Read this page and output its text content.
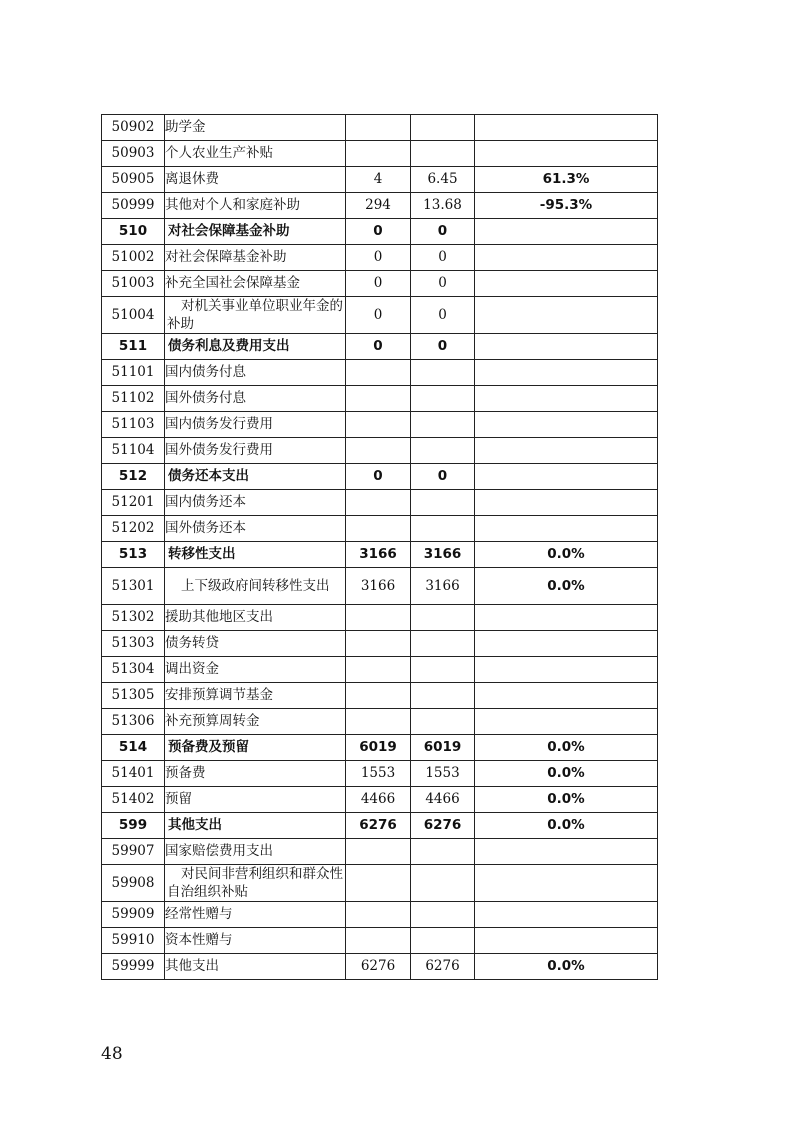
50902	助学金			
50903	个人农业生产补贴			
50905	离退休费	4	6.45	61.3%
50999	其他对个人和家庭补助	294	13.68	-95.3%
510	对社会保障基金补助	0	0	
51002	对社会保障基金补助	0	0	
51003	补充全国社会保障基金	0	0	
51004	对机关事业单位职业年金的补助	0	0	
511	债务利息及费用支出	0	0	
51101	国内债务付息			
51102	国外债务付息			
51103	国内债务发行费用			
51104	国外债务发行费用			
512	债务还本支出	0	0	
51201	国内债务还本			
51202	国外债务还本			
513	转移性支出	3166	3166	0.0%
51301	上下级政府间转移性支出	3166	3166	0.0%
51302	援助其他地区支出			
51303	债务转贷			
51304	调出资金			
51305	安排预算调节基金			
51306	补充预算周转金			
514	预备费及预留	6019	6019	0.0%
51401	预备费	1553	1553	0.0%
51402	预留	4466	4466	0.0%
599	其他支出	6276	6276	0.0%
59907	国家赔偿费用支出			
59908	对民间非营利组织和群众性自治组织补贴			
59909	经常性赠与			
59910	资本性赠与			
59999	其他支出	6276	6276	0.0%
48
